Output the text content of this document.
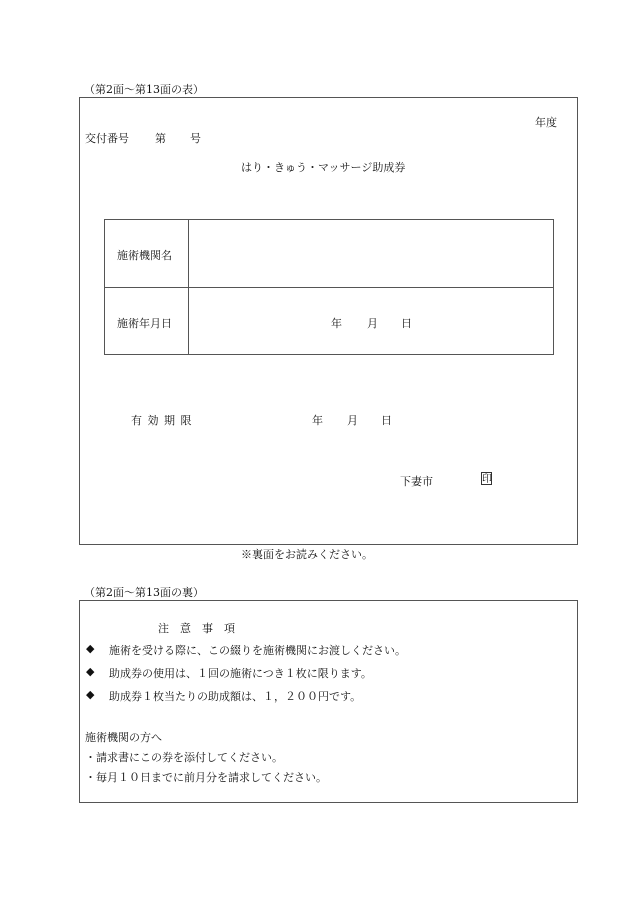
（第2面～第13面の表）
年度
交付番号 第 号
はり・きゅう・マッサージ助成券
施術機関名
施術年月日	年 月 日
有 効 期 限	年 月 日
下妻市	印
※裏面をお読みください。
（第2面～第13面の裏）
注　意　事　項
◆ 施術を受ける際に、この綴りを施術機関にお渡しください。
◆ 助成券の使用は、１回の施術につき１枚に限ります。
◆ 助成券１枚当たりの助成額は、１，２００円です。
施術機関の方へ
・請求書にこの券を添付してください。
・毎月１０日までに前月分を請求してください。
